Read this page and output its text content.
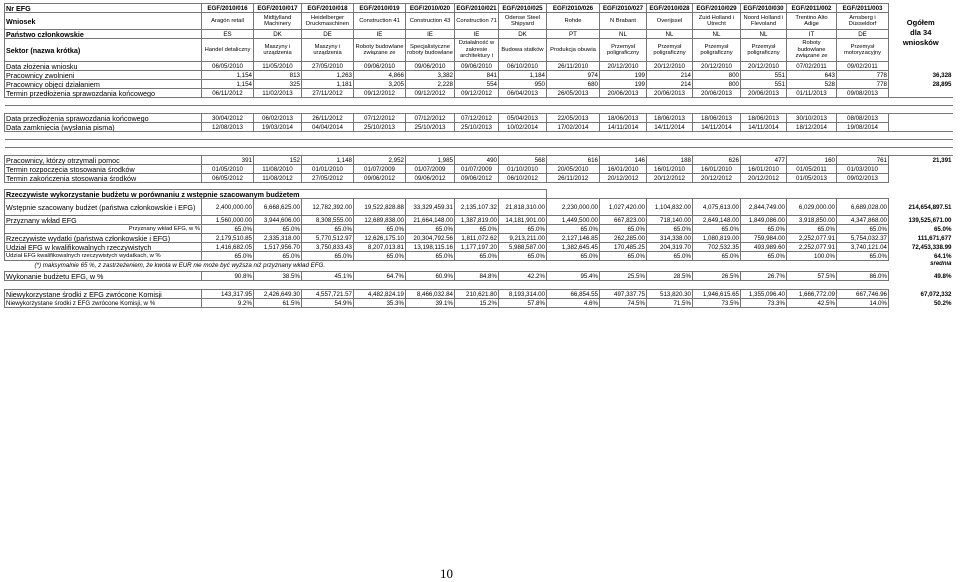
Nr EFG	EGF/2010/016	EGF/2010/017	EGF/2010/018	EGF/2010/019	EGF/2010/020	EGF/2010/021	EGF/2010/025	EGF/2010/026	EGF/2010/027	EGF/2010/028	EGF/2010/029	EGF/2010/030	EGF/2011/002	EGF/2011/003	Ogółem
dla 34
wniosków

Wniosek	Aragón retail	Midtjylland Machinery	Heidelberger Druckmaschinen	Construction 41	Construction 43	Construction 71	Odense Steel Shipyard	Rohde	N Brabant	Overijssel	Zuid Holland i Utrecht	Noord Holland i Flevoland	Trentino Alto Adige	Arnsberg i Düsseldorf	
Państwo członkowskie	ES	DK	DE	IE	IE	IE	DK	PT	NL	NL	NL	NL	IT	DE	
Sektor (nazwa krótka)	Handel detaliczny	Maszyny i urządzenia	Maszyny i urządzenia	Roboty budowlane związane ze	Specjalistyczne roboty budowlane	Działalność w zakresie architektury i	Budowa statków	Produkcja obuwia	Przemysł poligraficzny	Przemysł poligraficzny	Przemysł poligraficzny	Przemysł poligraficzny	Roboty budowlane związane ze	Przemysł motoryzacyjny	
Data złożenia wniosku	06/05/2010	11/05/2010	27/05/2010	09/06/2010	09/06/2010	09/06/2010	06/10/2010	26/11/2010	20/12/2010	20/12/2010	20/12/2010	20/12/2010	07/02/2011	09/02/2011	
Pracownicy zwolnieni	1,154	813	1,263	4,866	3,382	841	1,184	974	199	214	800	551	643	778	36,328
Pracownicy objęci działaniem	1,154	325	1,181	3,205	2,228	554	950	680	199	214	800	551	528	778	28,895
Termin przedłożenia sprawozdania końcowego	06/11/2012	11/02/2013	27/11/2012	09/12/2012	09/12/2012	09/12/2012	06/04/2013	26/05/2013	20/06/2013	20/06/2013	20/06/2013	20/06/2013	01/11/2013	09/08/2013	

Data przedłożenia sprawozdania końcowego	30/04/2012	06/02/2013	26/11/2012	07/12/2012	07/12/2012	07/12/2012	05/04/2013	22/05/2013	18/06/2013	18/06/2013	18/06/2013	18/06/2013	30/10/2013	08/08/2013	
Data zamknięcia (wysłania pisma)	12/08/2013	19/03/2014	04/04/2014	25/10/2013	25/10/2013	25/10/2013	10/02/2014	17/02/2014	14/11/2014	14/11/2014	14/11/2014	14/11/2014	18/12/2014	19/08/2014	

Pracownicy, którzy otrzymali pomoc	391	152	1,148	2,952	1,985	490	568	616	146	188	626	477	160	761	21,391
Termin rozpoczęcia stosowania środków	01/05/2010	11/08/2010	01/01/2010	01/07/2009	01/07/2009	01/07/2009	01/10/2010	20/05/2010	16/01/2010	16/01/2010	16/01/2010	16/01/2010	01/05/2011	01/03/2010	
Termin zakończenia stosowania środków	06/05/2012	11/08/2012	27/05/2012	09/06/2012	09/06/2012	09/06/2012	06/10/2012	26/11/2012	20/12/2012	20/12/2012	20/12/2012	20/12/2012	01/05/2013	09/02/2013	

Rzeczywiste wykorzystanie budżetu w porównaniu z wstępnie szacowanym budżetem															
Wstępnie szacowany budżet (państwa członkowskie i EFG)	2,400,000.00	6,668,625.00	12,782,392.00	19,522,828.88	33,329,459.31	2,135,107.32	21,818,310.00	2,230,000.00	1,027,420.00	1,104,832.00	4,075,613.00	2,844,749.00	6,029,000.00	6,689,028.00	214,654,897.51
Przyznany wkład EFG	1,560,000.00	3,944,606.00	8,308,555.00	12,689,838.00	21,664,148.00	1,387,819.00	14,181,901.00	1,449,500.00	667,823.00	718,140.00	2,649,148.00	1,849,086.00	3,918,850.00	4,347,868.00	139,525,671.00
Przyznany wkład EFG, w %	65.0%	65.0%	65.0%	65.0%	65.0%	65.0%	65.0%	65.0%	65.0%	65.0%	65.0%	65.0%	65.0%	65.0%	65.0%
Rzeczywiste wydatki (państwa członkowskie i EFG)	2,179,510.85	2,335,318.00	5,770,512.97	12,626,175.10	20,304,792.56	1,811,072.62	9,213,211.00	2,127,146.85	262,285.00	314,338.00	1,080,819.00	759,984.00	2,252,077.91	5,754,032.37	111,671,677
Udział EFG w kwalifikowalnych rzeczywistych	1,416,682.05	1,517,956.70	3,750,833.43	8,207,013.81	13,198,115.16	1,177,197.20	5,988,587.00	1,382,645.45	170,485.25	204,319.70	702,532.35	493,989.60	2,252,077.91	3,740,121.04	72,453,338.99
Udział EFG kwalifikowalnych rzeczywistych wydatkach, w %	65.0%	65.0%	65.0%	65.0%	65.0%	65.0%	65.0%	65.0%	65.0%	65.0%	65.0%	65.0%	100.0%	65.0%	64.1%
(*) maksymalnie 65 %, z zastrzeżeniem, że kwota w EUR nie może być wyższa niż przyznany wkład EFG.															średnia

Wykonanie budżetu EFG, w %	90.8%	38.5%	45.1%	64.7%	60.9%	84.8%	42.2%	95.4%	25.5%	28.5%	26.5%	26.7%	57.5%	86.0%	49.8%

Niewykorzystane środki z EFG zwrócone Komisji	143,317.95	2,426,649.30	4,557,721.57	4,482,824.19	8,466,032.84	210,621.80	8,193,314.00	66,854.55	497,337.75	513,820.30	1,946,615.65	1,355,096.40	1,666,772.09	667,746.96	67,072,332
Niewykorzystane środki z EFG zwrócone Komisji, w %	9.2%	61.5%	54.9%	35.3%	39.1%	15.2%	57.8%	4.6%	74.5%	71.5%	73.5%	73.3%	42.5%	14.0%	50.2%
10
